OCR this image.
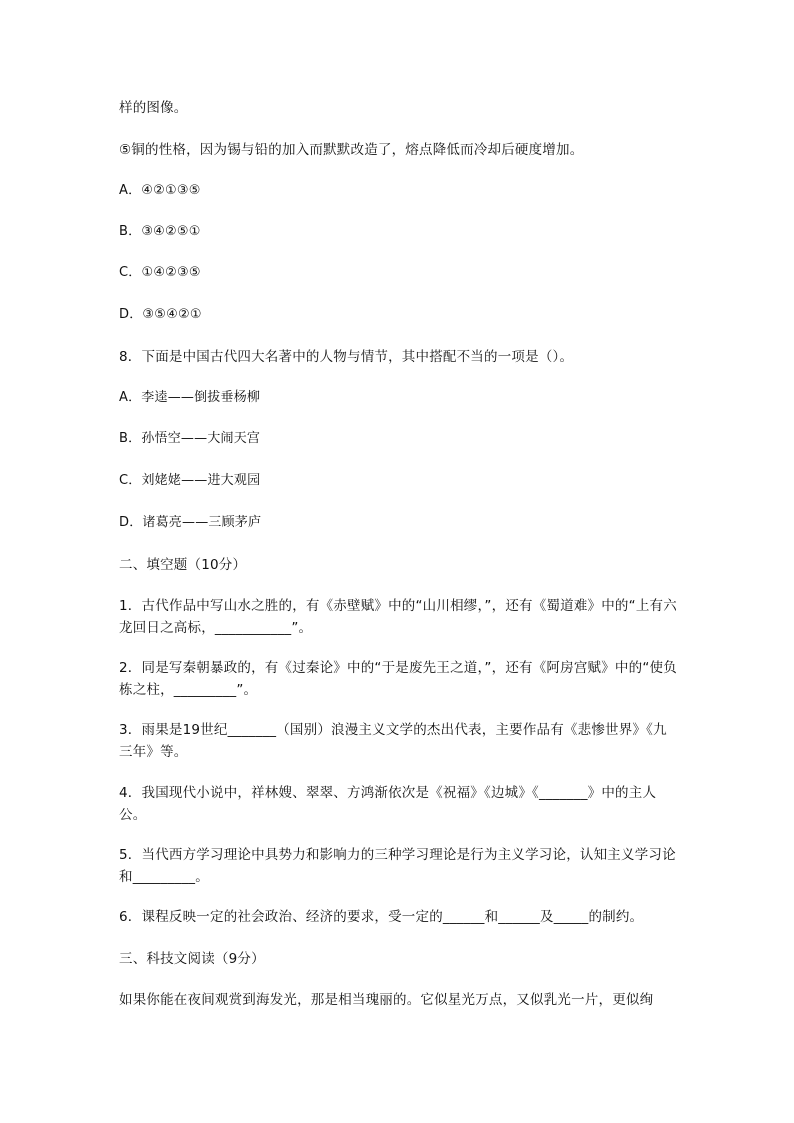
样的图像。
⑤铜的性格，因为锡与铅的加入而默默改造了，熔点降低而冷却后硬度增加。
A．④②①③⑤
B．③④②⑤①
C．①④②③⑤
D．③⑤④②①
8．下面是中国古代四大名著中的人物与情节，其中搭配不当的一项是（）。
A．李逵——倒拔垂杨柳
B．孙悟空——大闹天宫
C．刘姥姥——进大观园
D．诸葛亮——三顾茅庐
二、填空题（10分）
1．古代作品中写山水之胜的，有《赤壁赋》中的“山川相缪，”，还有《蜀道难》中的“上有六龙回日之高标，___________”。
2．同是写秦朝暴政的，有《过秦论》中的“于是废先王之道，”，还有《阿房宫赋》中的“使负栋之柱，_________”。
3．雨果是19世纪_______（国别）浪漫主义文学的杰出代表，主要作品有《悲惨世界》《九三年》等。
4．我国现代小说中，祥林嫂、翠翠、方鸿渐依次是《祝福》《边城》《_______》中的主人公。
5．当代西方学习理论中具势力和影响力的三种学习理论是行为主义学习论，认知主义学习论和_________。
6．课程反映一定的社会政治、经济的要求，受一定的______和______及_____的制约。
三、科技文阅读（9分）
如果你能在夜间观赏到海发光，那是相当瑰丽的。它似星光万点，又似乳光一片，更似绚
